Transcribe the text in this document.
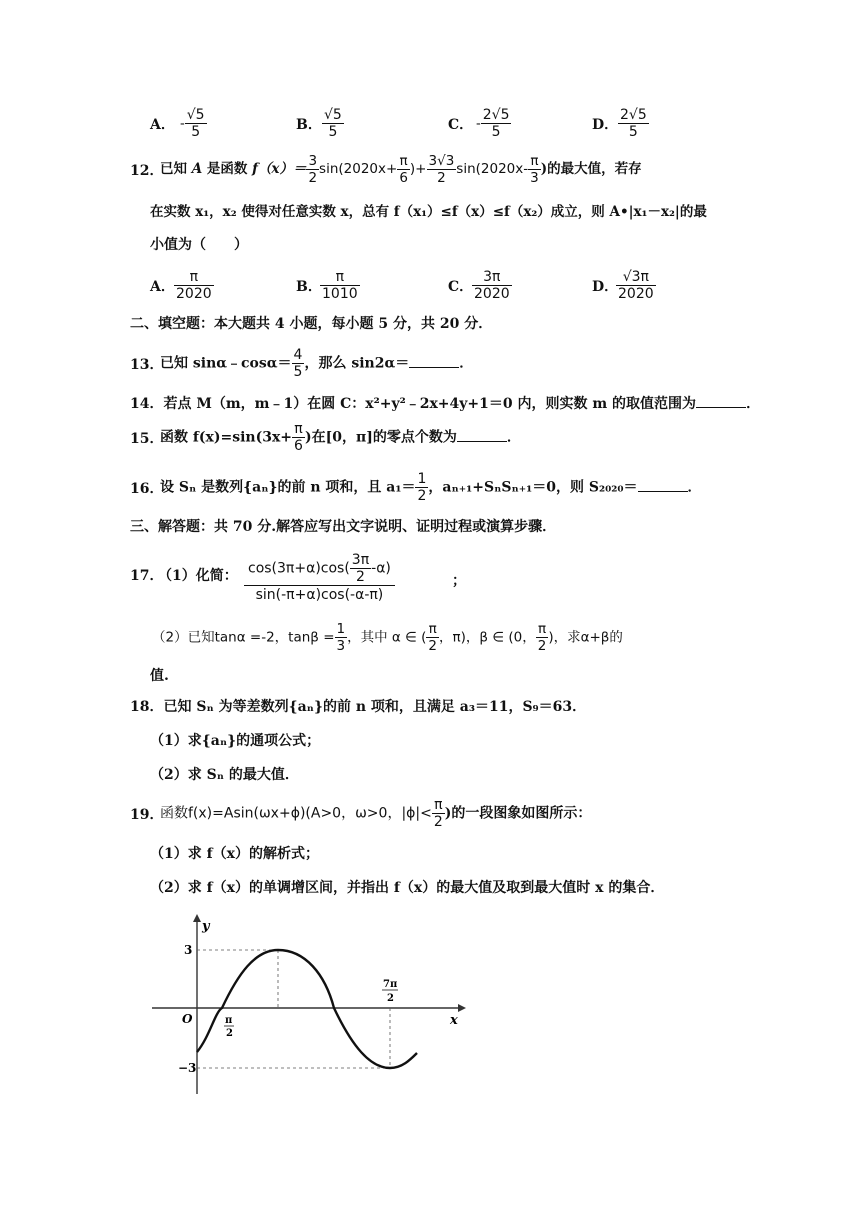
A． - $\frac{√5}{5}$	B． $\frac{√5}{5}$	C． - $\frac{2√5}{5}$	D． $\frac{2√5}{5}$
12．
已知 A 是函数 $f(x)= \frac{3}{2} \sin(2020x+ \frac{\pi}{6}$ )+ $\frac{3√3}{2} \sin(2020x- \frac{\pi}{3}$ )的最大值，若存
在实数 x₁，x₂ 使得对任意实数 x，总有 f（x₁）≤f（x）≤f（x₂）成立，则 A•|x₁－x₂|的最
小值为（　　）
A． $\frac{\pi}{2020}$	B．
$\frac{\pi}{1010}$	C．
$\frac{3\pi}{2020}$	D．
$\frac{√3\pi}{2020}$
二、填空题：本大题共 4 小题，每小题 5 分，共 20 分．
13．
已知 sinα﹣cosα＝ $\frac{4}{5}$ ，那么 sin2α＝	．
14．若点 M（m，m﹣1）在圆 C：x²+y²﹣2x+4y+1＝0 内，则实数 m 的取值范围为	．
15．
函数 $f(x)=\sin(3x+ \frac{\pi}{6}$ )在[0，π]的零点个数为	．
16．
设 Sₙ 是数列{aₙ}的前 n 项和，且 $a_1= \frac{1}{2}$ ，aₙ₊₁+SₙSₙ₊₁＝0，则 S₂₀₂₀＝	．
三、解答题：共 70 分.解答应写出文字说明、证明过程或演算步骤．
17．
（1）化简： $\frac{\cos(3\pi+\alpha)\cos( \frac{3\pi}{2} -\alpha)}{\sin(-\pi+\alpha)\cos(-\alpha-\pi)}$	；
（2）已知tanα =-2，$\tan\beta = \frac{1}{3}$ ，其中 α ∈ ( $\frac{\pi}{2}$ ，π)，β ∈ (0， $\frac{\pi}{2}$ )，求α+β的
值.
18．已知 Sₙ 为等差数列{aₙ}的前 n 项和，且满足 a₃＝11，S₉＝63．
（1）求{aₙ}的通项公式；
（2）求 Sₙ 的最大值．
19．
函数f(x)=Asin(ωx+ϕ)(A>0，ω>0，$|\phi|< \frac{\pi}{2}$ )的一段图象如图所示：
（1）求 f（x）的解析式；
（2）求 f（x）的单调增区间，并指出 f（x）的最大值及取到最大值时 x 的集合．
y
x
O
3
−3
π
2
7π
2
